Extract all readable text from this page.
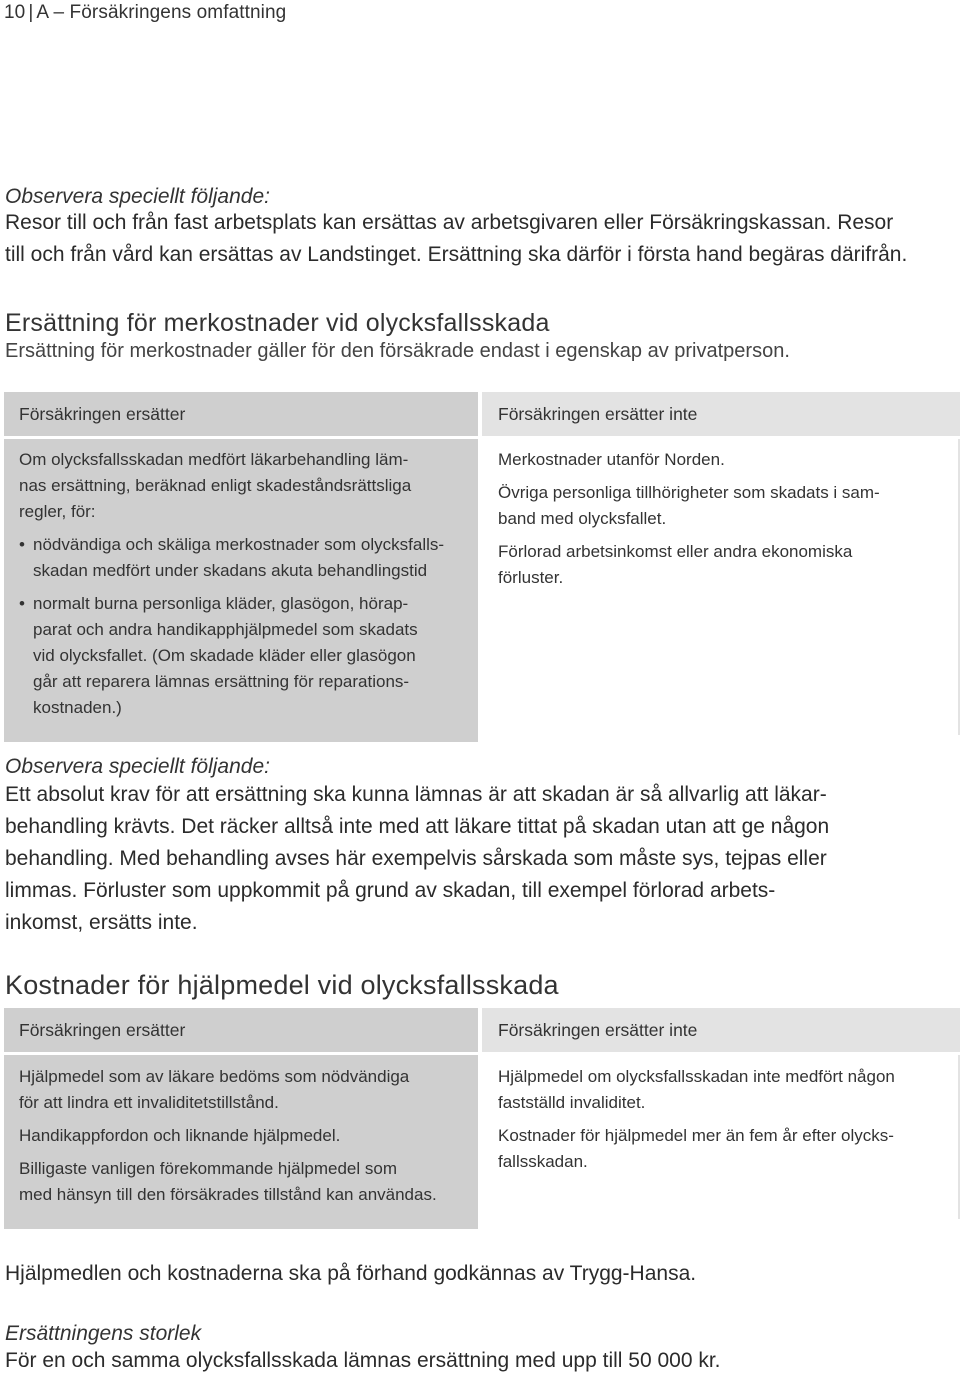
10 | A – Försäkringens omfattning
Observera speciellt följande:
Resor till och från fast arbetsplats kan ersättas av arbetsgivaren eller Försäkringskassan. Resor
till och från vård kan ersättas av Landstinget. Ersättning ska därför i första hand begäras därifrån.
Ersättning för merkostnader vid olycksfallsskada
Ersättning för merkostnader gäller för den försäkrade endast i egenskap av privatperson.
Försäkringen ersätter

Om olycksfallsskadan medfört läkarbehandling läm-
nas ersättning, beräknad enligt skadeståndsrättsliga
regler, för:

• nödvändiga och skäliga merkostnader som olycksfalls-
skadan medfört under skadans akuta behandlingstid
• normalt burna personliga kläder, glasögon, hörap-
parat och andra handikapphjälpmedel som skadats
vid olycksfallet. (Om skadade kläder eller glasögon
går att reparera lämnas ersättning för reparations-
kostnaden.)
Försäkringen ersätter inte

Merkostnader utanför Norden.

Övriga personliga tillhörigheter som skadats i sam-
band med olycksfallet.

Förlorad arbetsinkomst eller andra ekonomiska
förluster.

Observera speciellt följande:
Ett absolut krav för att ersättning ska kunna lämnas är att skadan är så allvarlig att läkar-
behandling krävts. Det räcker alltså inte med att läkare tittat på skadan utan att ge någon
behandling. Med behandling avses här exempelvis sårskada som måste sys, tejpas eller
limmas. Förluster som uppkommit på grund av skadan, till exempel förlorad arbets-
inkomst, ersätts inte.
Kostnader för hjälpmedel vid olycksfallsskada
Försäkringen ersätter

Hjälpmedel som av läkare bedöms som nödvändiga
för att lindra ett invaliditetstillstånd.

Handikappfordon och liknande hjälpmedel.

Billigaste vanligen förekommande hjälpmedel som
med hänsyn till den försäkrades tillstånd kan användas.

Försäkringen ersätter inte

Hjälpmedel om olycksfallsskadan inte medfört någon
fastställd invaliditet.

Kostnader för hjälpmedel mer än fem år efter olycks-
fallsskadan.

Hjälpmedlen och kostnaderna ska på förhand godkännas av Trygg-Hansa.
Ersättningens storlek
För en och samma olycksfallsskada lämnas ersättning med upp till 50 000 kr.
